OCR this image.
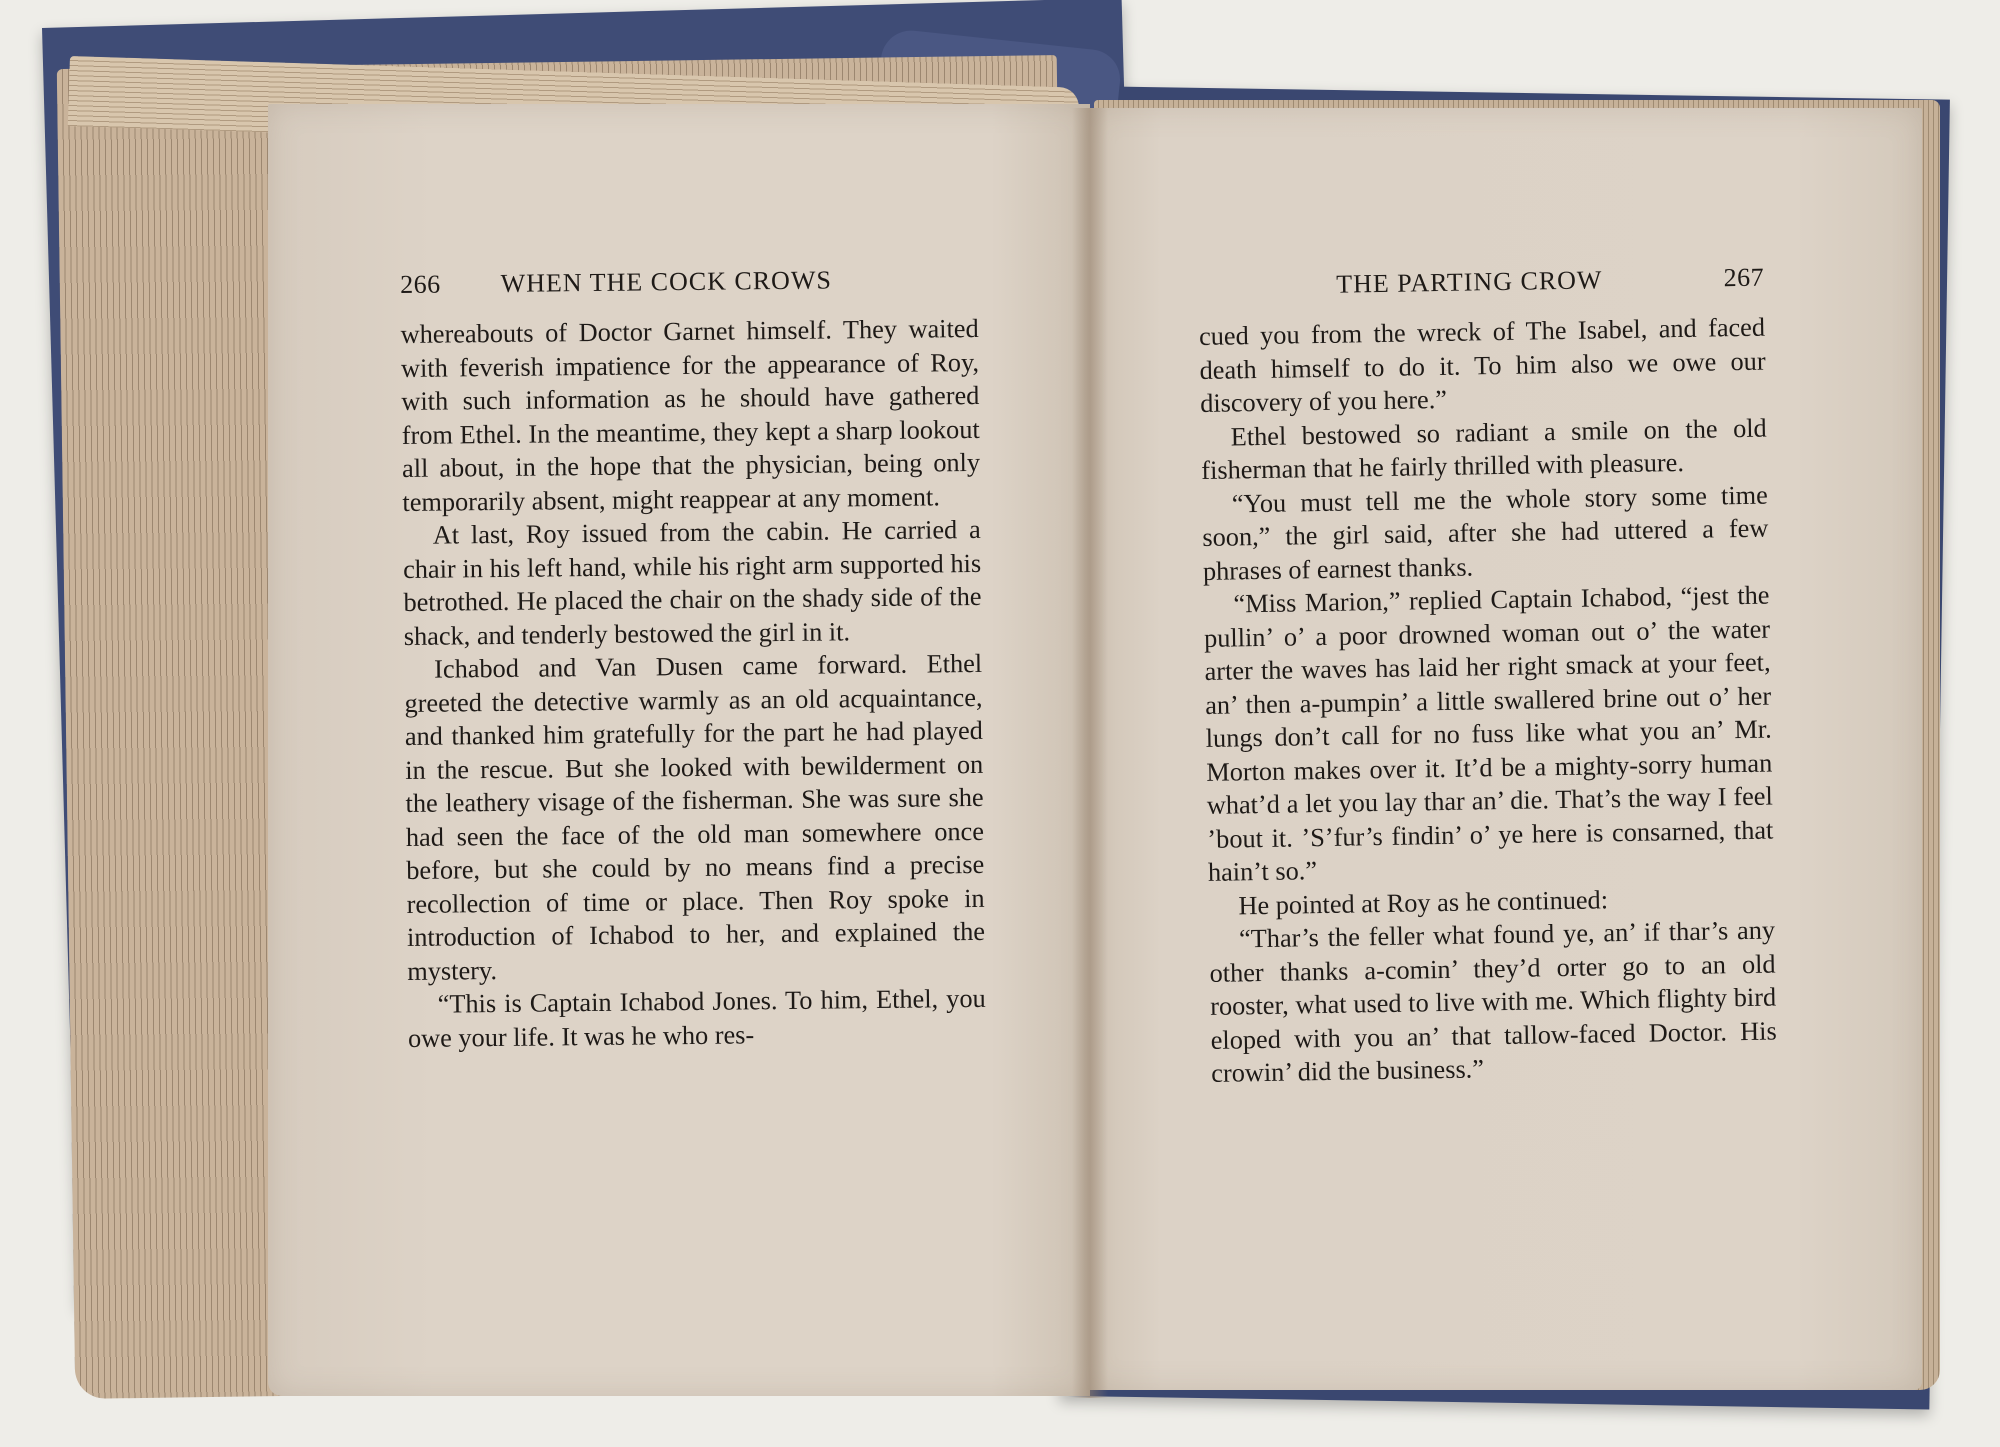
266 WHEN THE COCK CROWS

whereabouts of Doctor Garnet himself. They waited with feverish impatience for the appearance of Roy, with such information as he should have gathered from Ethel. In the meantime, they kept a sharp lookout all about, in the hope that the physician, being only temporarily absent, might reappear at any moment.

At last, Roy issued from the cabin. He carried a chair in his left hand, while his right arm supported his betrothed. He placed the chair on the shady side of the shack, and tenderly bestowed the girl in it.

Ichabod and Van Dusen came forward. Ethel greeted the detective warmly as an old acquaintance, and thanked him gratefully for the part he had played in the rescue. But she looked with bewilderment on the leathery visage of the fisherman. She was sure she had seen the face of the old man somewhere once before, but she could by no means find a precise recollection of time or place. Then Roy spoke in introduction of Ichabod to her, and explained the mystery.

“This is Captain Ichabod Jones. To him, Ethel, you owe your life. It was he who res-

THE PARTING CROW	267

cued you from the wreck of The Isabel, and faced death himself to do it. To him also we owe our discovery of you here.”

Ethel bestowed so radiant a smile on the old fisherman that he fairly thrilled with pleasure.

“You must tell me the whole story some time soon,” the girl said, after she had uttered a few phrases of earnest thanks.

“Miss Marion,” replied Captain Ichabod, “jest the pullin’ o’ a poor drowned woman out o’ the water arter the waves has laid her right smack at your feet, an’ then a-pumpin’ a little swallered brine out o’ her lungs don’t call for no fuss like what you an’ Mr. Morton makes over it. It’d be a mighty-sorry human what’d a let you lay thar an’ die. That’s the way I feel ’bout it. ’S’fur’s findin’ o’ ye here is consarned, that hain’t so.”

He pointed at Roy as he continued:

“Thar’s the feller what found ye, an’ if thar’s any other thanks a-comin’ they’d orter go to an old rooster, what used to live with me. Which flighty bird eloped with you an’ that tallow-faced Doctor. His crowin’ did the business.”
